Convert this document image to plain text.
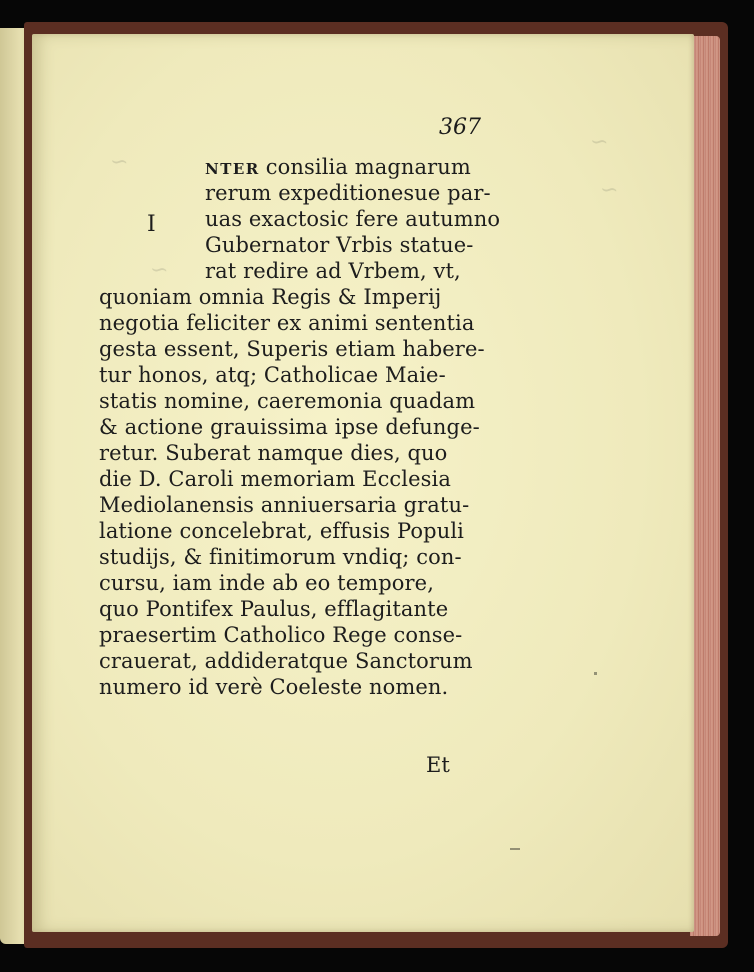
~
~
~
~

367

I

NTER consilia magnarum

rerum expeditionesue par-

uas exactosic fere autumno

Gubernator Vrbis statue-

rat redire ad Vrbem, vt,

quoniam omnia Regis & Imperij

negotia feliciter ex animi sententia

gesta essent, Superis etiam habere-

tur honos, atq; Catholicae Maie-

statis nomine, caeremonia quadam

& actione grauissima ipse defunge-

retur. Suberat namque dies, quo

die D. Caroli memoriam Ecclesia

Mediolanensis anniuersaria gratu-

latione concelebrat, effusis Populi

studijs, & finitimorum vndiq; con-

cursu, iam inde ab eo tempore,

quo Pontifex Paulus, efflagitante

praesertim Catholico Rege conse-

crauerat, addideratque Sanctorum

numero id verè Coeleste nomen.

Et
